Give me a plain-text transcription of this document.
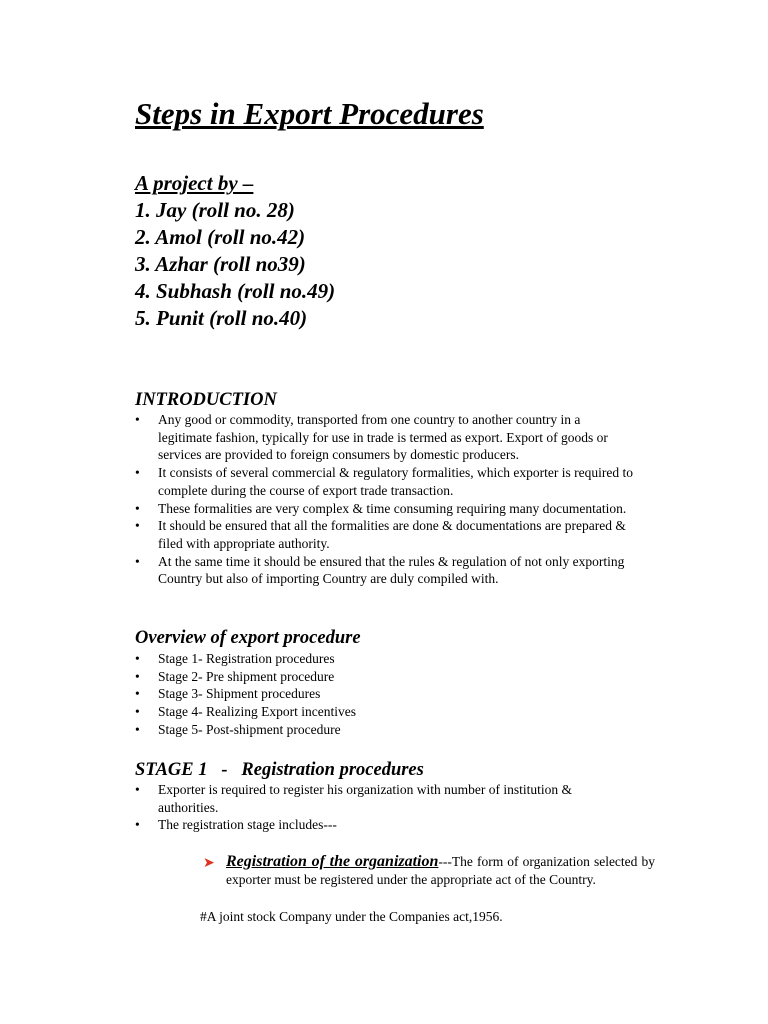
Steps in Export Procedures
A project by –
1. Jay (roll no. 28)
2. Amol (roll no.42)
3. Azhar (roll no39)
4. Subhash (roll no.49)
5. Punit (roll no.40)
INTRODUCTION
• Any good or commodity, transported from one country to another country in a legitimate fashion, typically for use in trade is termed as export. Export of goods or services are provided to foreign consumers by domestic producers.
• It consists of several commercial & regulatory formalities, which exporter is required to complete during the course of export trade transaction.
• These formalities are very complex & time consuming requiring many documentation.
• It should be ensured that all the formalities are done & documentations are prepared & filed with appropriate authority.
• At the same time it should be ensured that the rules & regulation of not only exporting Country but also of importing Country are duly compiled with.
Overview of export procedure
• Stage 1- Registration procedures
• Stage 2- Pre shipment procedure
• Stage 3- Shipment procedures
• Stage 4- Realizing Export incentives
• Stage 5- Post-shipment procedure
STAGE 1   -   Registration procedures
• Exporter is required to register his organization with number of institution & authorities.
• The registration stage includes---
➤ Registration of the organization---The form of organization selected by exporter must be registered under the appropriate act of the Country.

#A joint stock Company under the Companies act,1956.
